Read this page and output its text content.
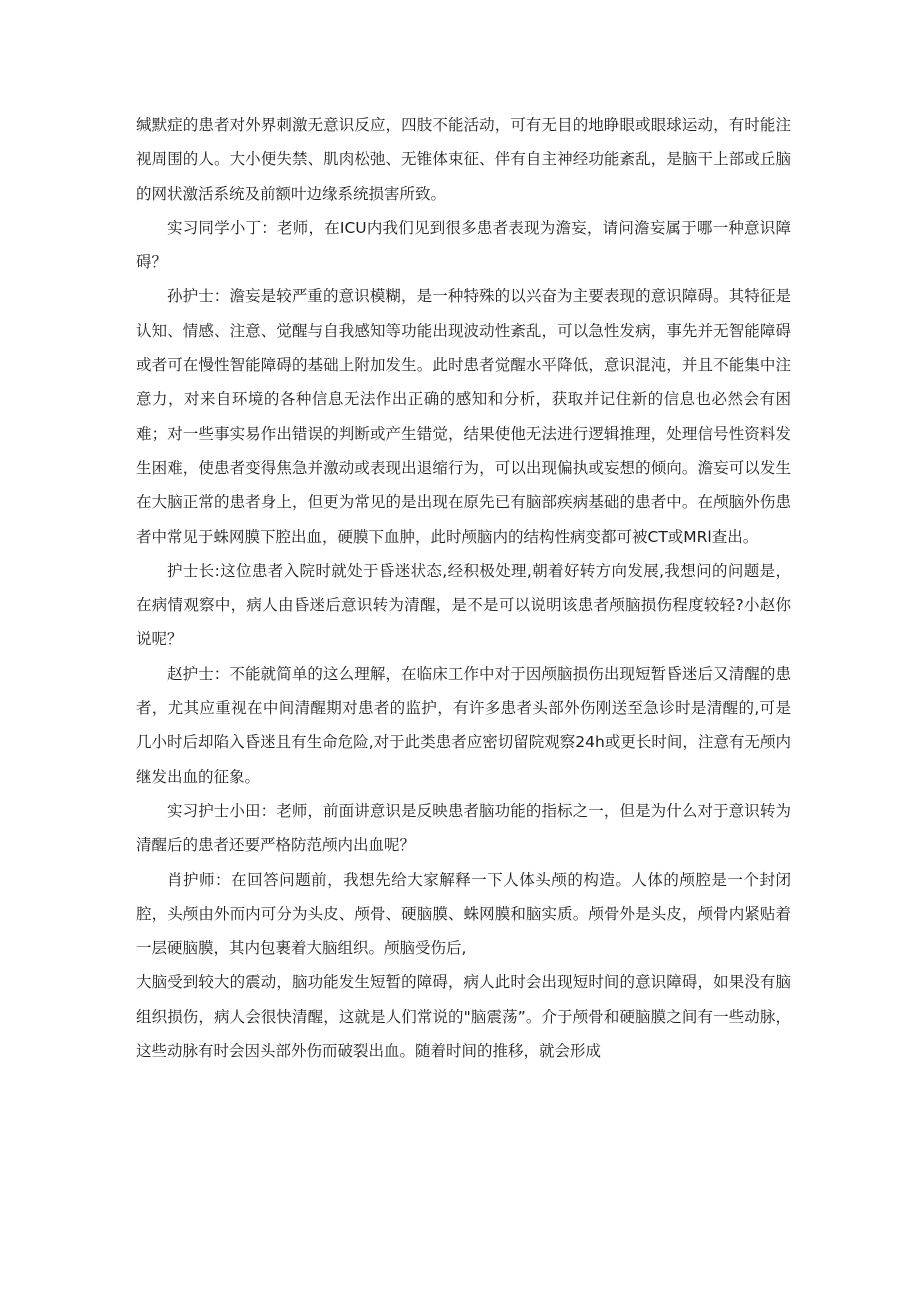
缄默症的患者对外界刺激无意识反应，四肢不能活动，可有无目的地睁眼或眼球运动，有时能注视周围的人。大小便失禁、肌肉松弛、无锥体束征、伴有自主神经功能紊乱，是脑干上部或丘脑的网状激活系统及前额叶边缘系统损害所致。

实习同学小丁：老师，在ICU内我们见到很多患者表现为澹妄，请问澹妄属于哪一种意识障碍？

孙护士：澹妄是较严重的意识模糊，是一种特殊的以兴奋为主要表现的意识障碍。其特征是认知、情感、注意、觉醒与自我感知等功能出现波动性紊乱，可以急性发病，事先并无智能障碍或者可在慢性智能障碍的基础上附加发生。此时患者觉醒水平降低，意识混沌，并且不能集中注意力，对来自环境的各种信息无法作出正确的感知和分析，获取并记住新的信息也必然会有困难；对一些事实易作出错误的判断或产生错觉，结果使他无法进行逻辑推理，处理信号性资料发生困难，使患者变得焦急并激动或表现出退缩行为，可以出现偏执或妄想的倾向。澹妄可以发生在大脑正常的患者身上，但更为常见的是出现在原先已有脑部疾病基础的患者中。在颅脑外伤患者中常见于蛛网膜下腔出血，硬膜下血肿，此时颅脑内的结构性病变都可被CT或MRl查出。

护士长:这位患者入院时就处于昏迷状态,经积极处理,朝着好转方向发展,我想问的问题是，在病情观察中，病人由昏迷后意识转为清醒，是不是可以说明该患者颅脑损伤程度较轻?小赵你说呢？

赵护士：不能就简单的这么理解，在临床工作中对于因颅脑损伤出现短暂昏迷后又清醒的患者，尤其应重视在中间清醒期对患者的监护，有许多患者头部外伤刚送至急诊时是清醒的,可是几小时后却陷入昏迷且有生命危险,对于此类患者应密切留院观察24h或更长时间，注意有无颅内继发出血的征象。

实习护士小田：老师，前面讲意识是反映患者脑功能的指标之一，但是为什么对于意识转为清醒后的患者还要严格防范颅内出血呢？

肖护师：在回答问题前，我想先给大家解释一下人体头颅的构造。人体的颅腔是一个封闭腔，头颅由外而内可分为头皮、颅骨、硬脑膜、蛛网膜和脑实质。颅骨外是头皮，颅骨内紧贴着一层硬脑膜，其内包裹着大脑组织。颅脑受伤后,

大脑受到较大的震动，脑功能发生短暂的障碍，病人此时会出现短时间的意识障碍，如果没有脑组织损伤，病人会很快清醒，这就是人们常说的"脑震荡”。介于颅骨和硬脑膜之间有一些动脉，这些动脉有时会因头部外伤而破裂出血。随着时间的推移，就会形成
